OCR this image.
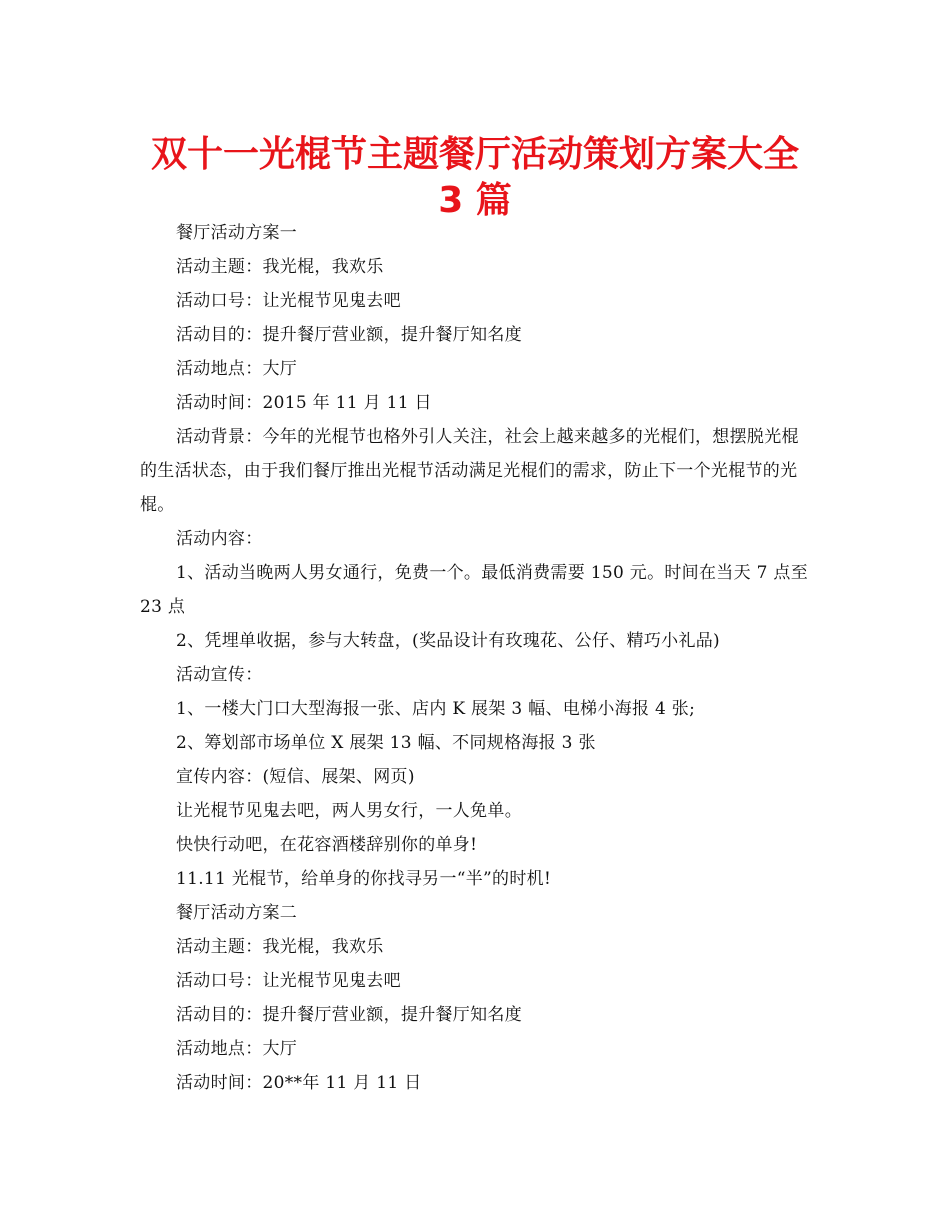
双十一光棍节主题餐厅活动策划方案大全 3 篇

餐厅活动方案一

活动主题：我光棍，我欢乐

活动口号：让光棍节见鬼去吧

活动目的：提升餐厅营业额，提升餐厅知名度

活动地点：大厅

活动时间：2015 年 11 月 11 日

活动背景：今年的光棍节也格外引人关注，社会上越来越多的光棍们，想摆脱光棍的生活状态，由于我们餐厅推出光棍节活动满足光棍们的需求，防止下一个光棍节的光棍。

活动内容：

1、活动当晚两人男女通行，免费一个。最低消费需要 150 元。时间在当天 7 点至 23 点

2、凭埋单收据，参与大转盘，(奖品设计有玫瑰花、公仔、精巧小礼品)

活动宣传：

1、一楼大门口大型海报一张、店内 K 展架 3 幅、电梯小海报 4 张;

2、筹划部市场单位 X 展架 13 幅、不同规格海报 3 张

宣传内容：(短信、展架、网页)

让光棍节见鬼去吧，两人男女行，一人免单。

快快行动吧，在花容酒楼辞别你的单身!

11.11 光棍节，给单身的你找寻另一“半”的时机!

餐厅活动方案二

活动主题：我光棍，我欢乐

活动口号：让光棍节见鬼去吧

活动目的：提升餐厅营业额，提升餐厅知名度

活动地点：大厅

活动时间：20**年 11 月 11 日
